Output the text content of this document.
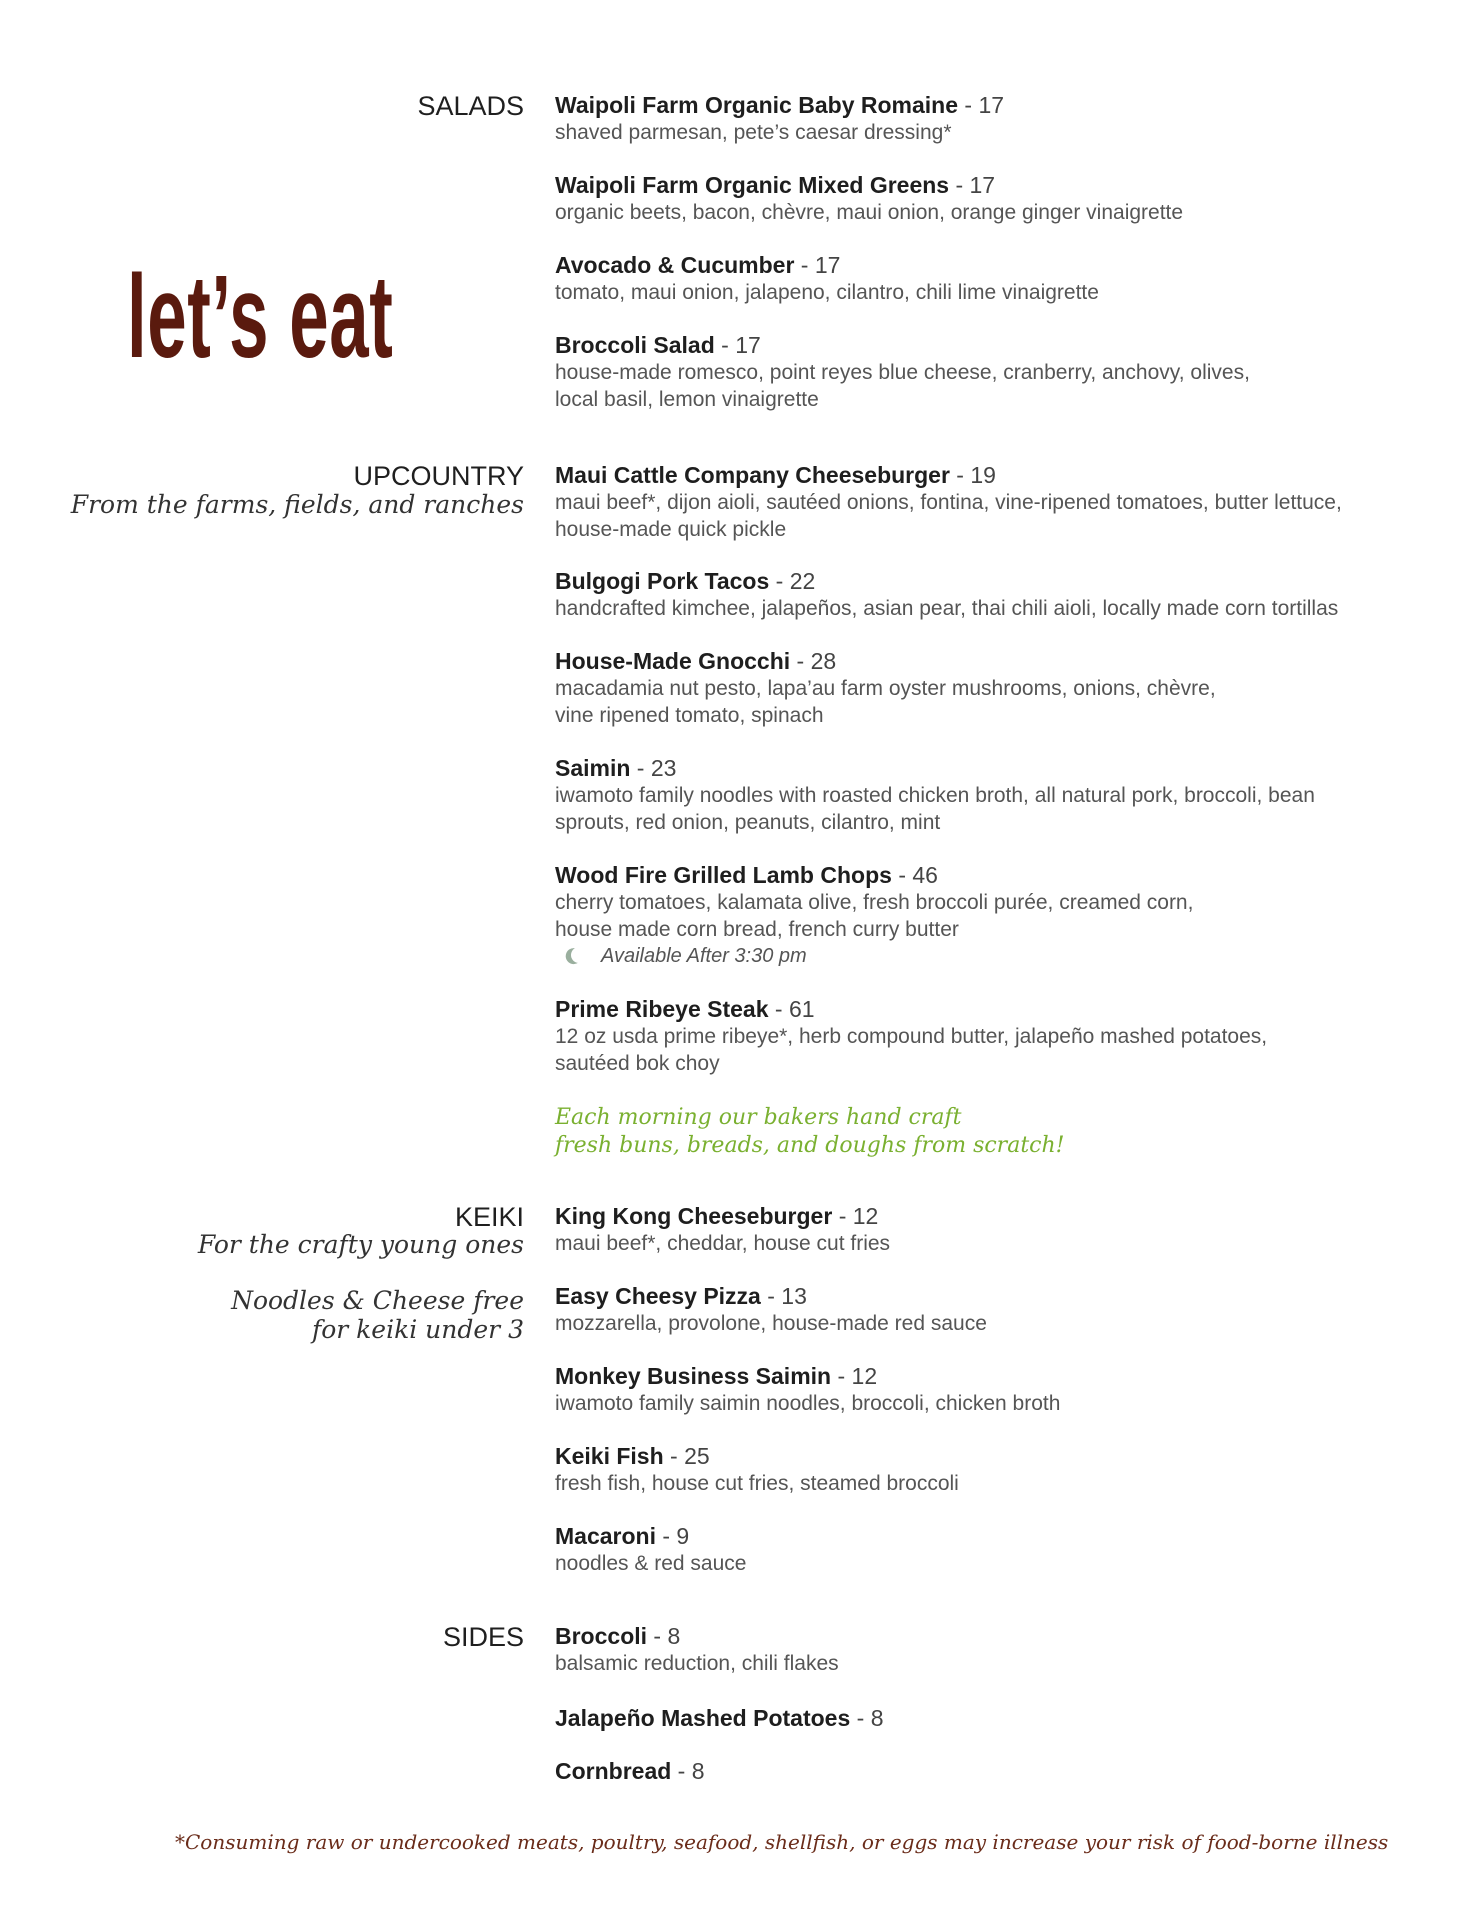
let’s eat
SALADS
UPCOUNTRY
From the farms, fields, and ranches
KEIKI
For the crafty young ones
Noodles & Cheese free
for keiki under 3
SIDES
Waipoli Farm Organic Baby Romaine - 17
shaved parmesan, pete’s caesar dressing*
Waipoli Farm Organic Mixed Greens - 17
organic beets, bacon, chèvre, maui onion, orange ginger vinaigrette
Avocado & Cucumber - 17
tomato, maui onion, jalapeno, cilantro, chili lime vinaigrette
Broccoli Salad - 17
house-made romesco, point reyes blue cheese, cranberry, anchovy, olives,
local basil, lemon vinaigrette
Maui Cattle Company Cheeseburger - 19
maui beef*, dijon aioli, sautéed onions, fontina, vine-ripened tomatoes, butter lettuce,
house-made quick pickle
Bulgogi Pork Tacos - 22
handcrafted kimchee, jalapeños, asian pear, thai chili aioli, locally made corn tortillas
House-Made Gnocchi - 28
macadamia nut pesto, lapa’au farm oyster mushrooms, onions, chèvre,
vine ripened tomato, spinach
Saimin - 23
iwamoto family noodles with roasted chicken broth, all natural pork, broccoli, bean
sprouts, red onion, peanuts, cilantro, mint
Wood Fire Grilled Lamb Chops - 46
cherry tomatoes, kalamata olive, fresh broccoli purée, creamed corn,
house made corn bread, french curry butter
Available After 3:30 pm
Prime Ribeye Steak - 61
12 oz usda prime ribeye*, herb compound butter, jalapeño mashed potatoes,
sautéed bok choy
Each morning our bakers hand craft
fresh buns, breads, and doughs from scratch!
King Kong Cheeseburger - 12
maui beef*, cheddar, house cut fries
Easy Cheesy Pizza - 13
mozzarella, provolone, house-made red sauce
Monkey Business Saimin - 12
iwamoto family saimin noodles, broccoli, chicken broth
Keiki Fish - 25
fresh fish, house cut fries, steamed broccoli
Macaroni - 9
noodles & red sauce
Broccoli - 8
balsamic reduction, chili flakes
Jalapeño Mashed Potatoes - 8
Cornbread - 8
*Consuming raw or undercooked meats, poultry, seafood, shellfish, or eggs may increase your risk of food-borne illness
